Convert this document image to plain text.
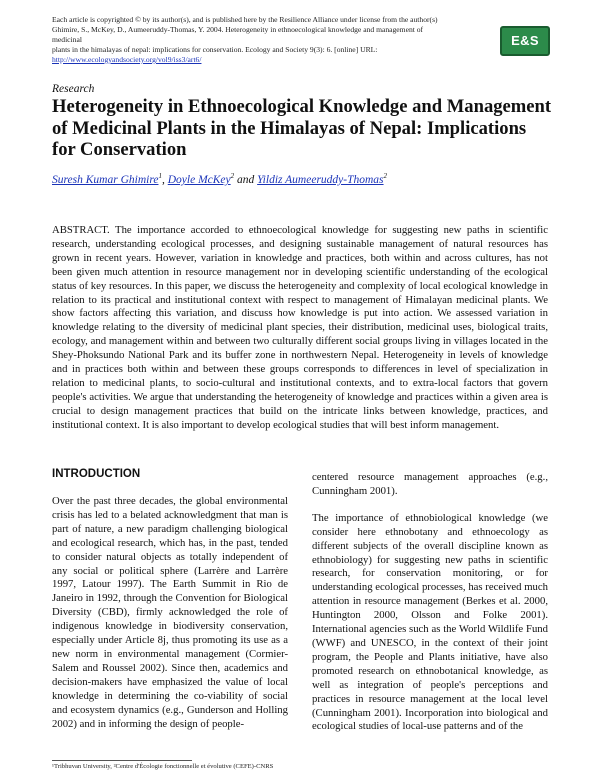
Each article is copyrighted © by its author(s), and is published here by the Resilience Alliance under license from the author(s)
Ghimire, S., McKey, D., Aumeeruddy-Thomas, Y. 2004. Heterogeneity in ethnoecological knowledge and management of medicinal
plants in the himalayas of nepal: implications for conservation. Ecology and Society 9(3): 6. [online] URL:
http://www.ecologyandsociety.org/vol9/iss3/art6/
E&S
Research
Heterogeneity in Ethnoecological Knowledge and Management of Medicinal Plants in the Himalayas of Nepal: Implications for Conservation
Suresh Kumar Ghimire$^1$, Doyle McKey$^2$ and Yildiz Aumeeruddy-Thomas$^2$

ABSTRACT. The importance accorded to ethnoecological knowledge for suggesting new paths in scientific research, understanding ecological processes, and designing sustainable management of natural resources has grown in recent years. However, variation in knowledge and practices, both within and across cultures, has not been given much attention in resource management nor in developing scientific understanding of the ecological status of key resources. In this paper, we discuss the heterogeneity and complexity of local ecological knowledge in relation to its practical and institutional context with respect to management of Himalayan medicinal plants. We show factors affecting this variation, and discuss how knowledge is put into action. We assessed variation in knowledge relating to the diversity of medicinal plant species, their distribution, medicinal uses, biological traits, ecology, and management within and between two culturally different social groups living in villages located in the Shey-Phoksundo National Park and its buffer zone in northwestern Nepal. Heterogeneity in levels of knowledge and in practices both within and between these groups corresponds to differences in level of specialization in relation to medicinal plants, to socio-cultural and institutional contexts, and to extra-local factors that govern people's activities. We argue that understanding the heterogeneity of knowledge and practices within a given area is crucial to design management practices that build on the intricate links between knowledge, practices, and institutional context. It is also important to develop ecological studies that will best inform management.

INTRODUCTION

Over the past three decades, the global environmental crisis has led to a belated acknowledgment that man is part of nature, a new paradigm challenging biological and ecological research, which has, in the past, tended to consider natural objects as totally independent of any social or political sphere (Larrère and Larrère 1997, Latour 1997). The Earth Summit in Rio de Janeiro in 1992, through the Convention for Biological Diversity (CBD), firmly acknowledged the role of indigenous knowledge in biodiversity conservation, especially under Article 8j, thus promoting its use as a new norm in environmental management (Cormier-Salem and Roussel 2002). Since then, academics and decision-makers have emphasized the value of local knowledge in determining the co-viability of social and ecosystem dynamics (e.g., Gunderson and Holling 2002) and in informing the design of people-

centered resource management approaches (e.g., Cunningham 2001).

The importance of ethnobiological knowledge (we consider here ethnobotany and ethnoecology as different subjects of the overall discipline known as ethnobiology) for suggesting new paths in scientific research, for conservation monitoring, or for understanding ecological processes, has received much attention in resource management (Berkes et al. 2000, Huntington 2000, Olsson and Folke 2001). International agencies such as the World Wildlife Fund (WWF) and UNESCO, in the context of their joint program, the People and Plants initiative, have also promoted research on ethnobotanical knowledge, as well as integration of people's perceptions and practices in resource management at the local level (Cunningham 2001). Incorporation into biological and ecological studies of local-use patterns and of the

¹Tribhuvan University, ²Centre d'Écologie fonctionnelle et évolutive (CEFE)-CNRS
